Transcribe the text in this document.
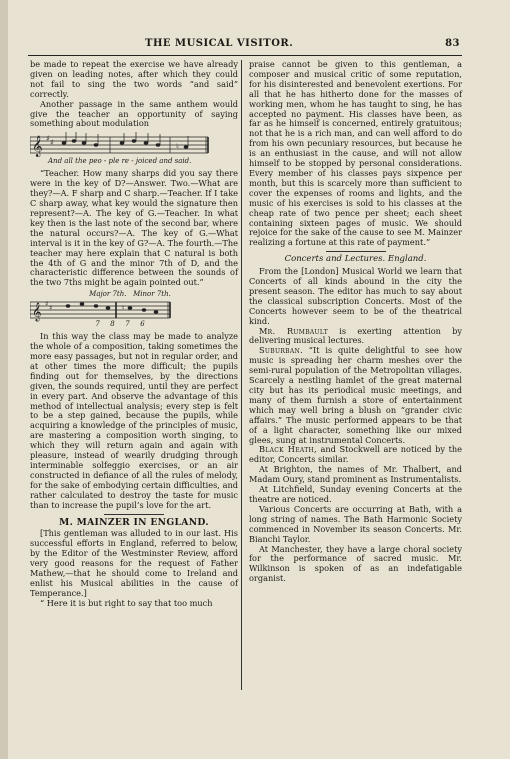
THE MUSICAL VISITOR.	83

be made to repeat the exercise we have already given on leading notes, after which they could not fail to sing the two words “and said” correctly.

Another passage in the same anthem would give the teacher an opportunity of saying something about modulation

𝄞 ♯ ♯	♮
And all the peo - ple re - joiced and said.

“Teacher. How many sharps did you say there were in the key of D?—Answer. Two.—What are they?—A. F sharp and C sharp.—Teacher. If I take C sharp away, what key would the signature then represent?—A. The key of G.—Teacher. In what key then is the last note of the second bar, where the natural occurs?—A. The key of G.—What interval is it in the key of G?—A. The fourth.—The teacher may here explain that C natural is both the 4th of G and the minor 7th of D, and the characteristic difference between the sounds of the two 7ths might be again pointed out.”

Major 7th. Minor 7th.
𝄞 ♯ ♯	♮
7   8   7   6

In this way the class may be made to analyze the whole of a composition, taking sometimes the more easy passages, but not in regular order, and at other times the more difficult; the pupils finding out for themselves, by the directions given, the sounds required, until they are perfect in every part. And observe the advantage of this method of intellectual analysis; every step is felt to be a step gained, because the pupils, while acquiring a knowledge of the principles of music, are mastering a composition worth singing, to which they will return again and again with pleasure, instead of wearily drudging through interminable solfeggio exercises, or an air constructed in defiance of all the rules of melody, for the sake of embodying certain difficulties, and rather calculated to destroy the taste for music than to increase the pupil’s love for the art.

M. MAINZER IN ENGLAND.

[This gentleman was alluded to in our last. His successful efforts in England, referred to below, by the Editor of the Westminster Review, afford very good reasons for the request of Father Mathew,—that he should come to Ireland and enlist his Musical abilities in the cause of Temperance.]

“ Here it is but right to say that too much

praise cannot be given to this gentleman, a composer and musical critic of some reputation, for his disinterested and benevolent exertions. For all that he has hitherto done for the masses of working men, whom he has taught to sing, he has accepted no payment. His classes have been, as far as he himself is concerned, entirely gratuitous; not that he is a rich man, and can well afford to do from his own pecuniary resources, but because he is an enthusiast in the cause, and will not allow himself to be stopped by personal considerations. Every member of his classes pays sixpence per month, but this is scarcely more than sufficient to cover the expenses of rooms and lights, and the music of his exercises is sold to his classes at the cheap rate of two pence per sheet; each sheet containing sixteen pages of music. We should rejoice for the sake of the cause to see M. Mainzer realizing a fortune at this rate of payment.”

Concerts and Lectures. England.

From the [London] Musical World we learn that Concerts of all kinds abound in the city the present season. The editor has much to say about the classical subscription Concerts. Most of the Concerts however seem to be of the theatrical kind.

Mr. Rumbault is exerting attention by delivering musical lectures.

Suburban. “It is quite delightful to see how music is spreading her charm meshes over the semi-rural population of the Metropolitan villages. Scarcely a nestling hamlet of the great maternal city but has its periodical music meetings, and many of them furnish a store of entertainment which may well bring a blush on “grander civic affairs.” The music performed appears to be that of a light character, something like our mixed glees, sung at instrumental Concerts.

Black Heath, and Stockwell are noticed by the editor, Concerts similar.

At Brighton, the names of Mr. Thalbert, and Madam Oury, stand prominent as Instrumentalists.

At Litchfield, Sunday evening Concerts at the theatre are noticed.

Various Concerts are occurring at Bath, with a long string of names. The Bath Harmonic Society commenced in November its season Concerts. Mr. Bianchi Taylor.

At Manchester, they have a large choral society for the performance of sacred music. Mr. Wilkinson is spoken of as an indefatigable organist.
